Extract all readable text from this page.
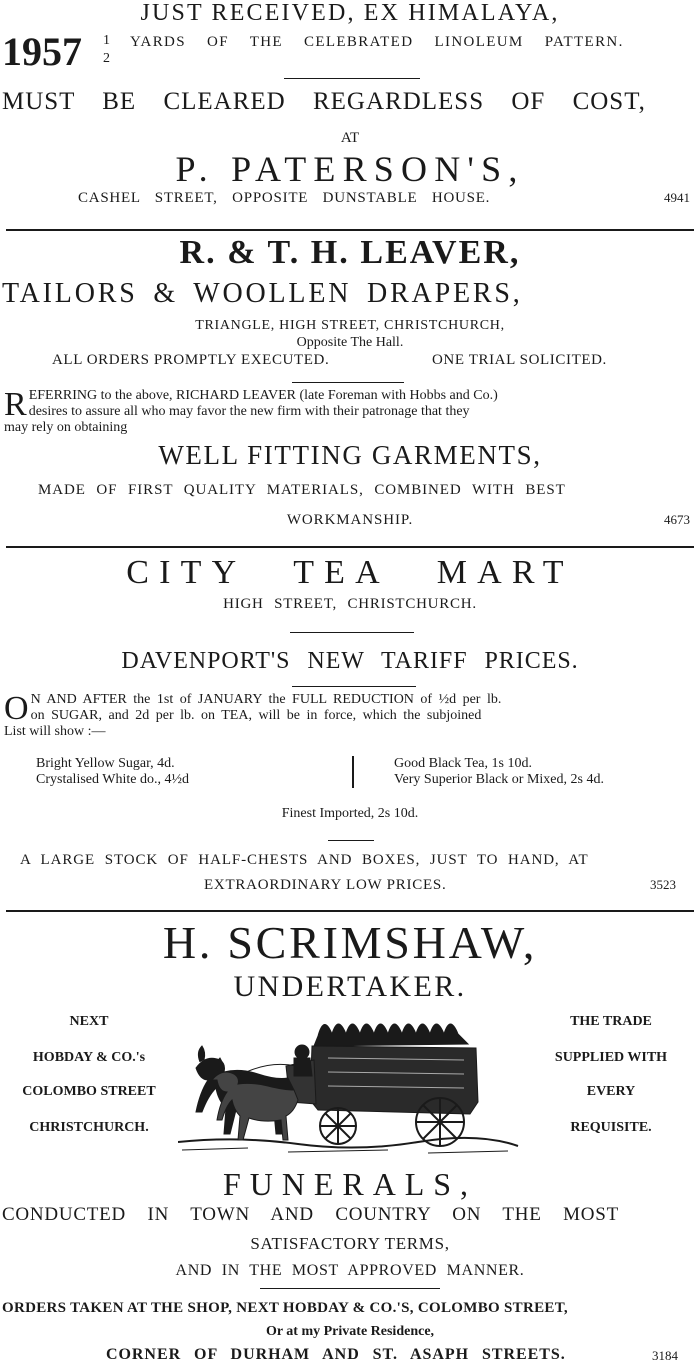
JUST RECEIVED, EX HIMALAYA,
1957 1
2
YARDS OF THE CELEBRATED LINOLEUM PATTERN.
MUST BE CLEARED REGARDLESS OF COST,
AT
P. PATERSON'S,
CASHEL STREET, OPPOSITE DUNSTABLE HOUSE.	4941
R. & T. H. LEAVER,
TAILORS & WOOLLEN DRAPERS,
TRIANGLE, HIGH STREET, CHRISTCHURCH,
Opposite The Hall.
ALL ORDERS PROMPTLY EXECUTED.	ONE TRIAL SOLICITED.
R EFERRING to the above, RICHARD LEAVER (late Foreman with Hobbs and Co.)
desires to assure all who may favor the new firm with their patronage that they
may rely on obtaining
WELL FITTING GARMENTS,
MADE OF FIRST QUALITY MATERIALS, COMBINED WITH BEST
WORKMANSHIP.	4673
CITY TEA MART
HIGH STREET, CHRISTCHURCH.
DAVENPORT'S NEW TARIFF PRICES.
O N AND AFTER the 1st of JANUARY the FULL REDUCTION of ½d per lb.
on SUGAR, and 2d per lb. on TEA, will be in force, which the subjoined
List will show :—
Bright Yellow Sugar, 4d.
Crystalised White do., 4½d
Good Black Tea, 1s 10d.
Very Superior Black or Mixed, 2s 4d.
Finest Imported, 2s 10d.
A LARGE STOCK OF HALF-CHESTS AND BOXES, JUST TO HAND, AT
EXTRAORDINARY LOW PRICES.	3523
H. SCRIMSHAW,
UNDERTAKER.
NEXT
HOBDAY & CO.'s
COLOMBO STREET
CHRISTCHURCH.
THE TRADE
SUPPLIED WITH
EVERY
REQUISITE.
FUNERALS,
CONDUCTED IN TOWN AND COUNTRY ON THE MOST
SATISFACTORY TERMS,
AND IN THE MOST APPROVED MANNER.
ORDERS TAKEN AT THE SHOP, NEXT HOBDAY & CO.'S, COLOMBO STREET,
Or at my Private Residence,
CORNER OF DURHAM AND ST. ASAPH STREETS.	3184
